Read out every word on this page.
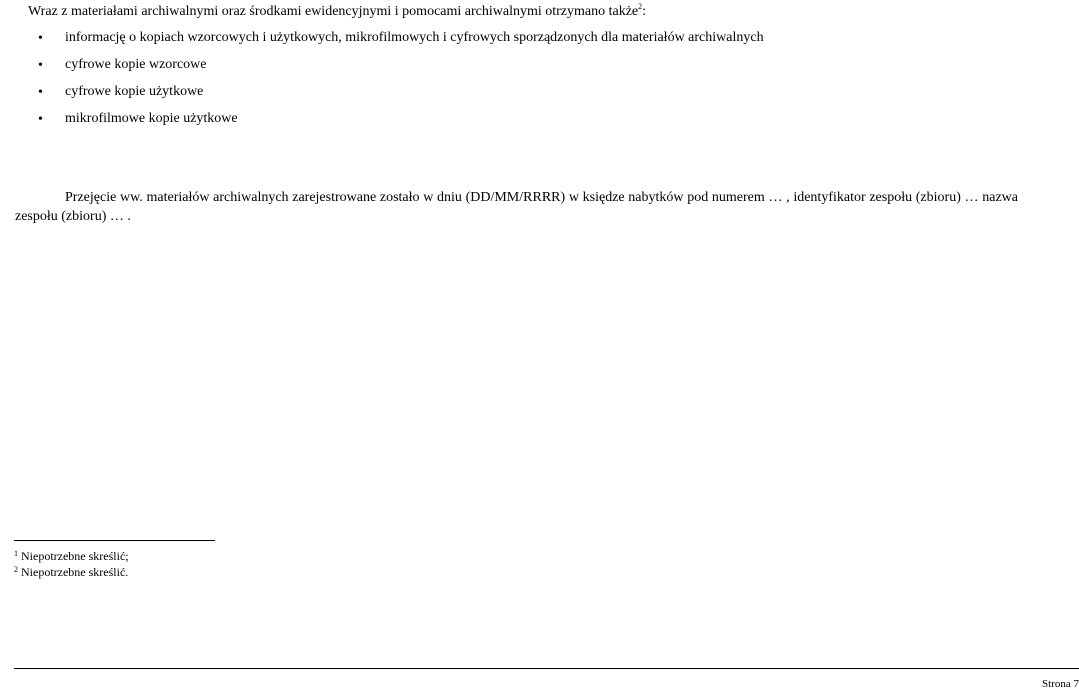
Wraz z materiałami archiwalnymi oraz środkami ewidencyjnymi i pomocami archiwalnymi otrzymano także$^2$:
• informację o kopiach wzorcowych i użytkowych, mikrofilmowych i cyfrowych sporządzonych dla materiałów archiwalnych
• cyfrowe kopie wzorcowe
• cyfrowe kopie użytkowe
• mikrofilmowe kopie użytkowe

Przejęcie ww. materiałów archiwalnych zarejestrowane zostało w dniu (DD/MM/RRRR) w księdze nabytków pod numerem … , identyfikator zespołu (zbioru) … nazwa zespołu (zbioru) … .

$^1$ Niepotrzebne skreślić;
$^2$ Niepotrzebne skreślić.
Strona 7
